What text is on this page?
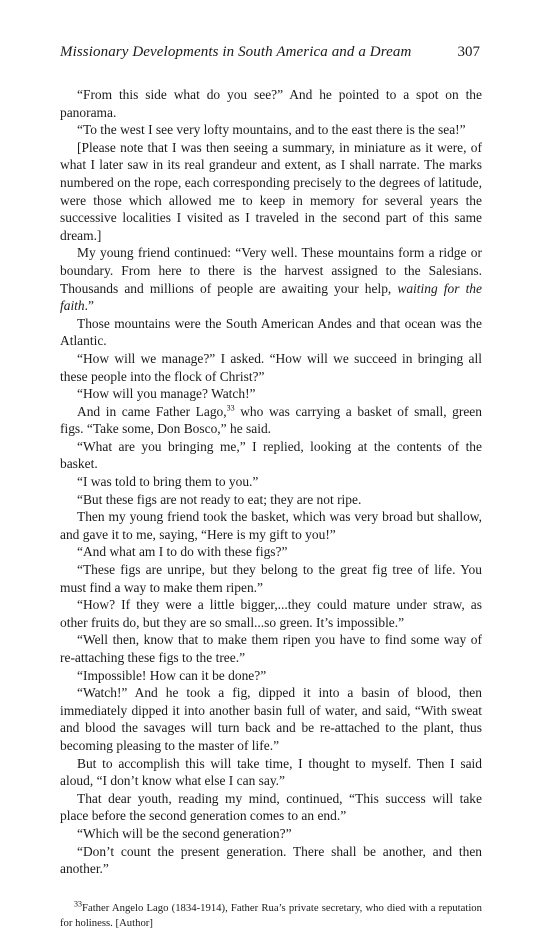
Missionary Developments in South America and a Dream	307

“From this side what do you see?” And he pointed to a spot on the panorama.

“To the west I see very lofty mountains, and to the east there is the sea!”

[Please note that I was then seeing a summary, in miniature as it were, of what I later saw in its real grandeur and extent, as I shall narrate. The marks numbered on the rope, each corresponding precisely to the degrees of latitude, were those which allowed me to keep in memory for several years the successive localities I visited as I traveled in the second part of this same dream.]

My young friend continued: “Very well. These mountains form a ridge or boundary. From here to there is the harvest assigned to the Salesians. Thousands and millions of people are awaiting your help, waiting for the faith.”

Those mountains were the South American Andes and that ocean was the Atlantic.

“How will we manage?” I asked. “How will we succeed in bringing all these people into the flock of Christ?”

“How will you manage? Watch!”

And in came Father Lago,$^{33}$ who was carrying a basket of small, green figs. “Take some, Don Bosco,” he said.

“What are you bringing me,” I replied, looking at the contents of the basket.

“I was told to bring them to you.”

“But these figs are not ready to eat; they are not ripe.

Then my young friend took the basket, which was very broad but shallow, and gave it to me, saying, “Here is my gift to you!”

“And what am I to do with these figs?”

“These figs are unripe, but they belong to the great fig tree of life. You must find a way to make them ripen.”

“How? If they were a little bigger,...they could mature under straw, as other fruits do, but they are so small...so green. It’s impossible.”

“Well then, know that to make them ripen you have to find some way of re-attaching these figs to the tree.”

“Impossible! How can it be done?”

“Watch!” And he took a fig, dipped it into a basin of blood, then immediately dipped it into another basin full of water, and said, “With sweat and blood the savages will turn back and be re-attached to the plant, thus becoming pleasing to the master of life.”

But to accomplish this will take time, I thought to myself. Then I said aloud, “I don’t know what else I can say.”

That dear youth, reading my mind, continued, “This success will take place before the second generation comes to an end.”

“Which will be the second generation?”

“Don’t count the present generation. There shall be another, and then another.”

$^{33}$Father Angelo Lago (1834-1914), Father Rua’s private secretary, who died with a reputation for holiness. [Author]
